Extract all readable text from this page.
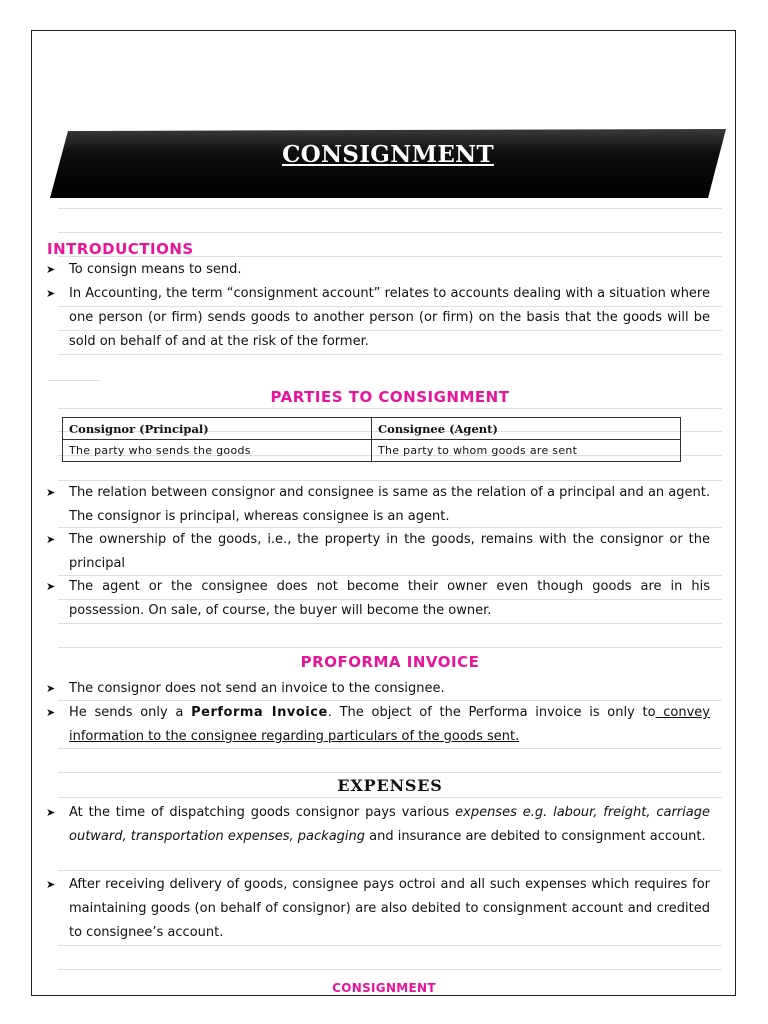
CONSIGNMENT
INTRODUCTIONS
➤ To consign means to send.
➤ In Accounting, the term “consignment account” relates to accounts dealing with a situation where one person (or firm) sends goods to another person (or firm) on the basis that the goods will be sold on behalf of and at the risk of the former.
PARTIES TO CONSIGNMENT
Consignor (Principal)	Consignee (Agent)
The party who sends the goods	The party to whom goods are sent
➤ The relation between consignor and consignee is same as the relation of a principal and an agent. The consignor is principal, whereas consignee is an agent.
➤ The ownership of the goods, i.e., the property in the goods, remains with the consignor or the principal
➤ The agent or the consignee does not become their owner even though goods are in his possession. On sale, of course, the buyer will become the owner.
PROFORMA INVOICE
➤ The consignor does not send an invoice to the consignee.
➤ He sends only a Performa Invoice. The object of the Performa invoice is only to convey information to the consignee regarding particulars of the goods sent.
EXPENSES
➤ At the time of dispatching goods consignor pays various expenses e.g. labour, freight, carriage outward, transportation expenses, packaging and insurance are debited to consignment account.
➤ After receiving delivery of goods, consignee pays octroi and all such expenses which requires for maintaining goods (on behalf of consignor) are also debited to consignment account and credited to consignee’s account.
CONSIGNMENT
